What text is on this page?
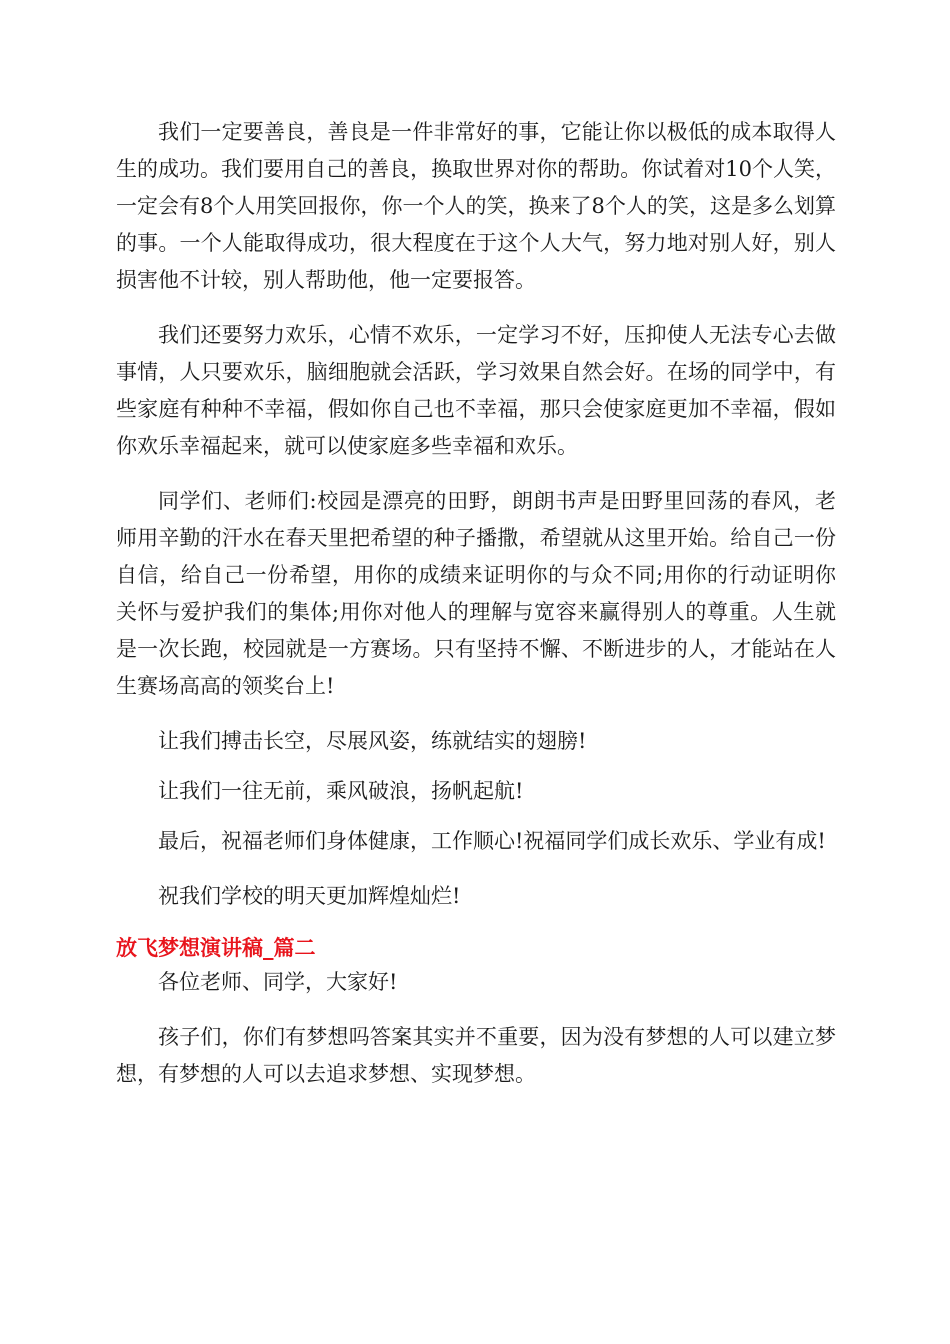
我们一定要善良，善良是一件非常好的事，它能让你以极低的成本取得人生的成功。我们要用自己的善良，换取世界对你的帮助。你试着对10个人笑，一定会有8个人用笑回报你，你一个人的笑，换来了8个人的笑，这是多么划算的事。一个人能取得成功，很大程度在于这个人大气，努力地对别人好，别人损害他不计较，别人帮助他，他一定要报答。

我们还要努力欢乐，心情不欢乐，一定学习不好，压抑使人无法专心去做事情，人只要欢乐，脑细胞就会活跃，学习效果自然会好。在场的同学中，有些家庭有种种不幸福，假如你自己也不幸福，那只会使家庭更加不幸福，假如你欢乐幸福起来，就可以使家庭多些幸福和欢乐。

同学们、老师们:校园是漂亮的田野，朗朗书声是田野里回荡的春风，老师用辛勤的汗水在春天里把希望的种子播撒，希望就从这里开始。给自己一份自信，给自己一份希望，用你的成绩来证明你的与众不同;用你的行动证明你关怀与爱护我们的集体;用你对他人的理解与宽容来赢得别人的尊重。人生就是一次长跑，校园就是一方赛场。只有坚持不懈、不断进步的人，才能站在人生赛场高高的领奖台上!

让我们搏击长空，尽展风姿，练就结实的翅膀!

让我们一往无前，乘风破浪，扬帆起航!

最后，祝福老师们身体健康，工作顺心!祝福同学们成长欢乐、学业有成!

祝我们学校的明天更加辉煌灿烂!

放飞梦想演讲稿_篇二

各位老师、同学，大家好!

孩子们，你们有梦想吗答案其实并不重要，因为没有梦想的人可以建立梦想，有梦想的人可以去追求梦想、实现梦想。
